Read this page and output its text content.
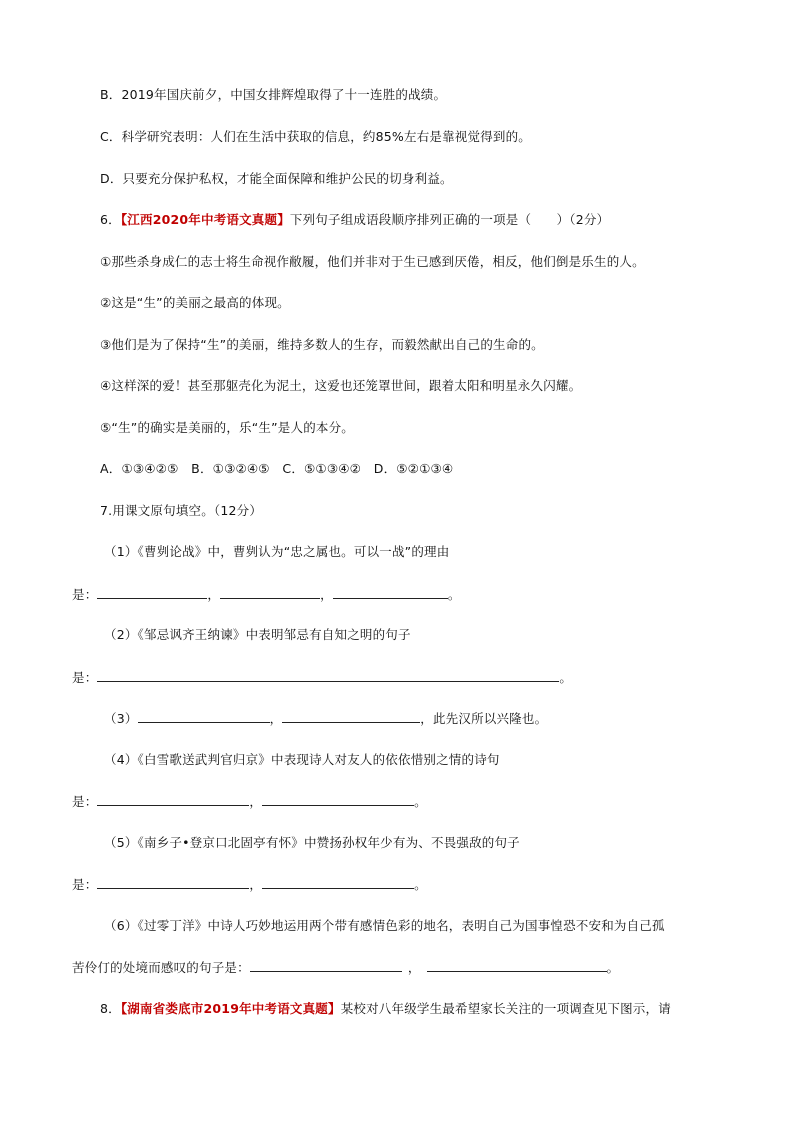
B．2019年国庆前夕，中国女排辉煌取得了十一连胜的战绩。
C．科学研究表明：人们在生活中获取的信息，约85%左右是靠视觉得到的。
D．只要充分保护私权，才能全面保障和维护公民的切身利益。
6．【江西2020年中考语文真题】下列句子组成语段顺序排列正确的一项是（　　）（2分）
①那些杀身成仁的志士将生命视作敝履，他们并非对于生已感到厌倦，相反，他们倒是乐生的人。
②这是“生”的美丽之最高的体现。
③他们是为了保持“生”的美丽，维持多数人的生存，而毅然献出自己的生命的。
④这样深的爱！甚至那躯壳化为泥土，这爱也还笼罩世间，跟着太阳和明星永久闪耀。
⑤“生”的确实是美丽的，乐“生”是人的本分。
A．①③④②⑤　B．①③②④⑤　C．⑤①③④②　D．⑤②①③④
7.用课文原句填空。（12分）
（1）《曹刿论战》中，曹刿认为“忠之属也。可以一战”的理由
是：	，	，	。
（2）《邹忌讽齐王纳谏》中表明邹忌有自知之明的句子
是：	。
（3）	，	，此先汉所以兴隆也。
（4）《白雪歌送武判官归京》中表现诗人对友人的依依惜别之情的诗句
是：	，	。
（5）《南乡子•登京口北固亭有怀》中赞扬孙权年少有为、不畏强敌的句子
是：	，	。
（6）《过零丁洋》中诗人巧妙地运用两个带有感情色彩的地名，表明自己为国事惶恐不安和为自己孤
苦伶仃的处境而感叹的句子是：	，	。
8．【湖南省娄底市2019年中考语文真题】某校对八年级学生最希望家长关注的一项调查见下图示，请
